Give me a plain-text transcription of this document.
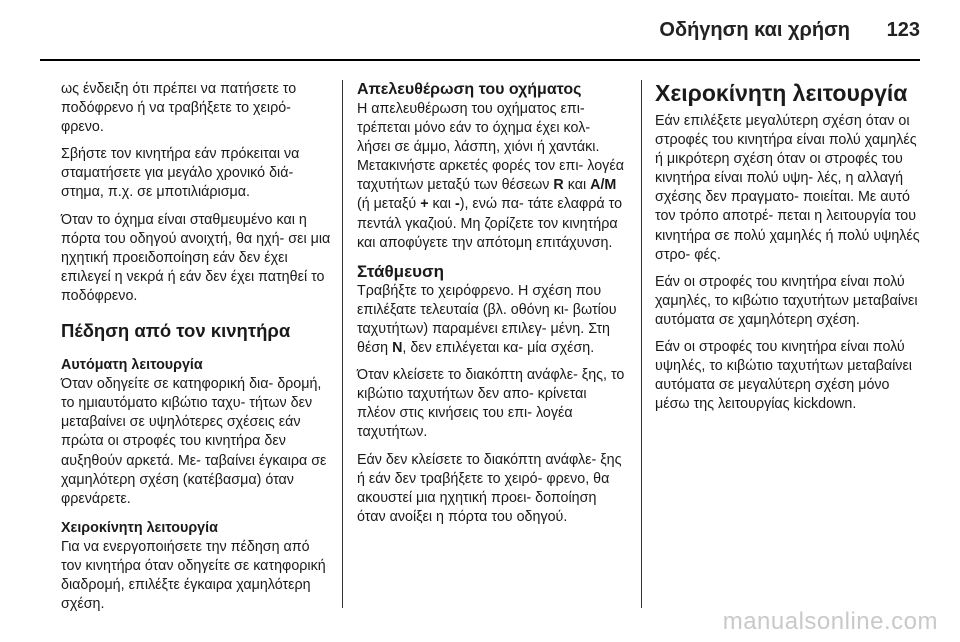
Οδήγηση και χρήση 123

ως ένδειξη ότι πρέπει να πατήσετε το ποδόφρενο ή να τραβήξετε το χειρό- φρενο.

Σβήστε τον κινητήρα εάν πρόκειται να σταματήσετε για μεγάλο χρονικό διά- στημα, π.χ. σε μποτιλιάρισμα.

Όταν το όχημα είναι σταθμευμένο και η πόρτα του οδηγού ανοιχτή, θα ηχή- σει μια ηχητική προειδοποίηση εάν δεν έχει επιλεγεί η νεκρά ή εάν δεν έχει πατηθεί το ποδόφρενο.

Πέδηση από τον κινητήρα
Αυτόματη λειτουργία

Όταν οδηγείτε σε κατηφορική δια- δρομή, το ημιαυτόματο κιβώτιο ταχυ- τήτων δεν μεταβαίνει σε υψηλότερες σχέσεις εάν πρώτα οι στροφές του κινητήρα δεν αυξηθούν αρκετά. Με- ταβαίνει έγκαιρα σε χαμηλότερη σχέση (κατέβασμα) όταν φρενάρετε.

Χειροκίνητη λειτουργία

Για να ενεργοποιήσετε την πέδηση από τον κινητήρα όταν οδηγείτε σε κατηφορική διαδρομή, επιλέξτε έγκαιρα χαμηλότερη σχέση.

Απελευθέρωση του οχήματος

Η απελευθέρωση του οχήματος επι- τρέπεται μόνο εάν το όχημα έχει κολ- λήσει σε άμμο, λάσπη, χιόνι ή χαντάκι. Μετακινήστε αρκετές φορές τον επι- λογέα ταχυτήτων μεταξύ των θέσεων R και A/M (ή μεταξύ + και -), ενώ πα- τάτε ελαφρά το πεντάλ γκαζιού. Μη ζορίζετε τον κινητήρα και αποφύγετε την απότομη επιτάχυνση.

Στάθμευση

Τραβήξτε το χειρόφρενο. Η σχέση που επιλέξατε τελευταία (βλ. οθόνη κι- βωτίου ταχυτήτων) παραμένει επιλεγ- μένη. Στη θέση N, δεν επιλέγεται κα- μία σχέση.

Όταν κλείσετε το διακόπτη ανάφλε- ξης, το κιβώτιο ταχυτήτων δεν απο- κρίνεται πλέον στις κινήσεις του επι- λογέα ταχυτήτων.

Εάν δεν κλείσετε το διακόπτη ανάφλε- ξης ή εάν δεν τραβήξετε το χειρό- φρενο, θα ακουστεί μια ηχητική προει- δοποίηση όταν ανοίξει η πόρτα του οδηγού.

Χειροκίνητη λειτουργία

Εάν επιλέξετε μεγαλύτερη σχέση όταν οι στροφές του κινητήρα είναι πολύ χαμηλές ή μικρότερη σχέση όταν οι στροφές του κινητήρα είναι πολύ υψη- λές, η αλλαγή σχέσης δεν πραγματο- ποιείται. Με αυτό τον τρόπο αποτρέ- πεται η λειτουργία του κινητήρα σε πολύ χαμηλές ή πολύ υψηλές στρο- φές.

Εάν οι στροφές του κινητήρα είναι πολύ χαμηλές, το κιβώτιο ταχυτήτων μεταβαίνει αυτόματα σε χαμηλότερη σχέση.

Εάν οι στροφές του κινητήρα είναι πολύ υψηλές, το κιβώτιο ταχυτήτων μεταβαίνει αυτόματα σε μεγαλύτερη σχέση μόνο μέσω της λειτουργίας kickdown.

manualsonline.com
